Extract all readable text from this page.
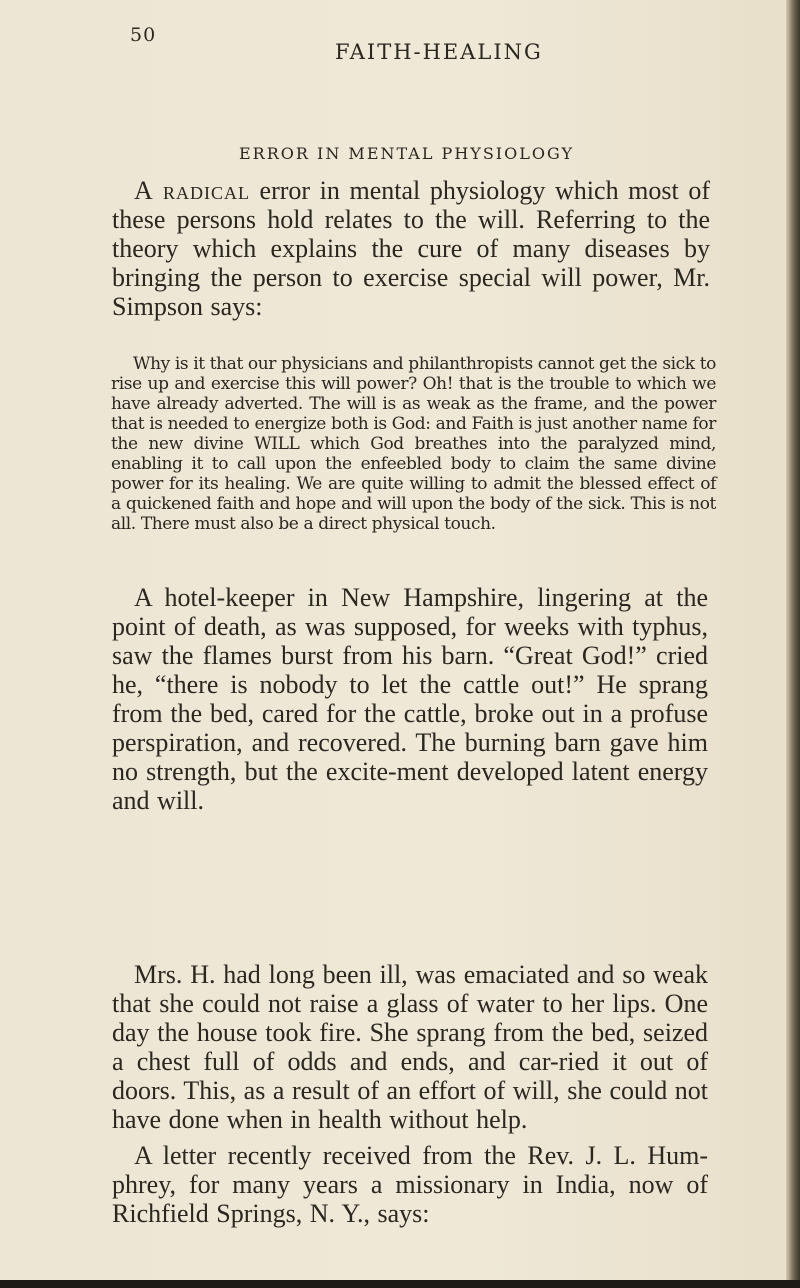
50
FAITH-HEALING
ERROR IN MENTAL PHYSIOLOGY

A radical error in mental physiology which most of these persons hold relates to the will. Referring to the theory which explains the cure of many diseases by bringing the person to exercise special will power, Mr. Simpson says:

Why is it that our physicians and philanthropists cannot get the sick to rise up and exercise this will power? Oh! that is the trouble to which we have already adverted. The will is as weak as the frame, and the power that is needed to energize both is God: and Faith is just another name for the new divine WILL which God breathes into the paralyzed mind, enabling it to call upon the enfeebled body to claim the same divine power for its healing. We are quite willing to admit the blessed effect of a quickened faith and hope and will upon the body of the sick. This is not all. There must also be a direct physical touch.

A hotel-keeper in New Hampshire, lingering at the point of death, as was supposed, for weeks with typhus, saw the flames burst from his barn. “Great God!” cried he, “there is nobody to let the cattle out!” He sprang from the bed, cared for the cattle, broke out in a profuse perspiration, and recovered. The burning barn gave him no strength, but the excite-ment developed latent energy and will.

Mrs. H. had long been ill, was emaciated and so weak that she could not raise a glass of water to her lips. One day the house took fire. She sprang from the bed, seized a chest full of odds and ends, and car-ried it out of doors. This, as a result of an effort of will, she could not have done when in health without help.

A letter recently received from the Rev. J. L. Hum-phrey, for many years a missionary in India, now of Richfield Springs, N. Y., says:
